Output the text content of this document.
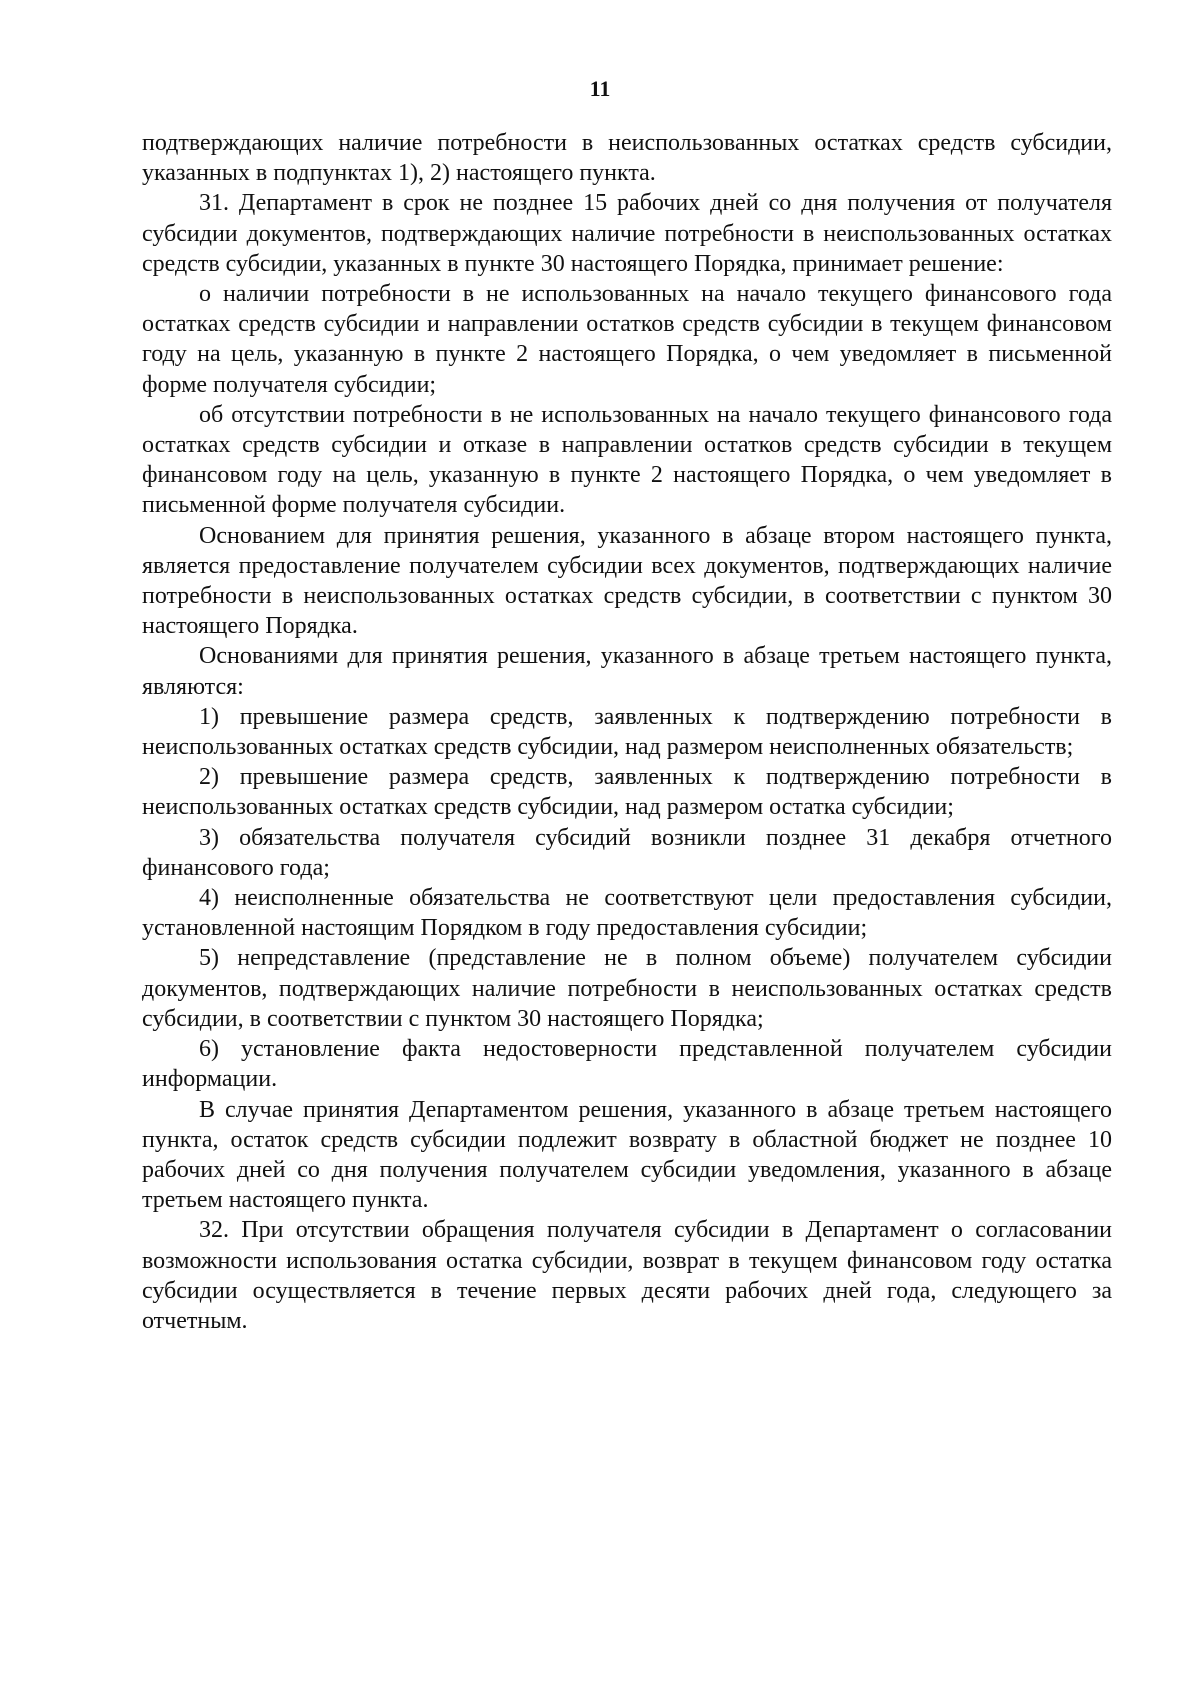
11

подтверждающих наличие потребности в неиспользованных остатках средств субсидии, указанных в подпунктах 1), 2) настоящего пункта.

31. Департамент в срок не позднее 15 рабочих дней со дня получения от получателя субсидии документов, подтверждающих наличие потребности в неиспользованных остатках средств субсидии, указанных в пункте 30 настоящего Порядка, принимает решение:

о наличии потребности в не использованных на начало текущего финансового года остатках средств субсидии и направлении остатков средств субсидии в текущем финансовом году на цель, указанную в пункте 2 настоящего Порядка, о чем уведомляет в письменной форме получателя субсидии;

об отсутствии потребности в не использованных на начало текущего финансового года остатках средств субсидии и отказе в направлении остатков средств субсидии в текущем финансовом году на цель, указанную в пункте 2 настоящего Порядка, о чем уведомляет в письменной форме получателя субсидии.

Основанием для принятия решения, указанного в абзаце втором настоящего пункта, является предоставление получателем субсидии всех документов, подтверждающих наличие потребности в неиспользованных остатках средств субсидии, в соответствии с пунктом 30 настоящего Порядка.

Основаниями для принятия решения, указанного в абзаце третьем настоящего пункта, являются:

1) превышение размера средств, заявленных к подтверждению потребности в неиспользованных остатках средств субсидии, над размером неисполненных обязательств;

2) превышение размера средств, заявленных к подтверждению потребности в неиспользованных остатках средств субсидии, над размером остатка субсидии;

3) обязательства получателя субсидий возникли позднее 31 декабря отчетного финансового года;

4) неисполненные обязательства не соответствуют цели предоставления субсидии, установленной настоящим Порядком в году предоставления субсидии;

5) непредставление (представление не в полном объеме) получателем субсидии документов, подтверждающих наличие потребности в неиспользованных остатках средств субсидии, в соответствии с пунктом 30 настоящего Порядка;

6) установление факта недостоверности представленной получателем субсидии информации.

В случае принятия Департаментом решения, указанного в абзаце третьем настоящего пункта, остаток средств субсидии подлежит возврату в областной бюджет не позднее 10 рабочих дней со дня получения получателем субсидии уведомления, указанного в абзаце третьем настоящего пункта.

32. При отсутствии обращения получателя субсидии в Департамент о согласовании возможности использования остатка субсидии, возврат в текущем финансовом году остатка субсидии осуществляется в течение первых десяти рабочих дней года, следующего за отчетным.
